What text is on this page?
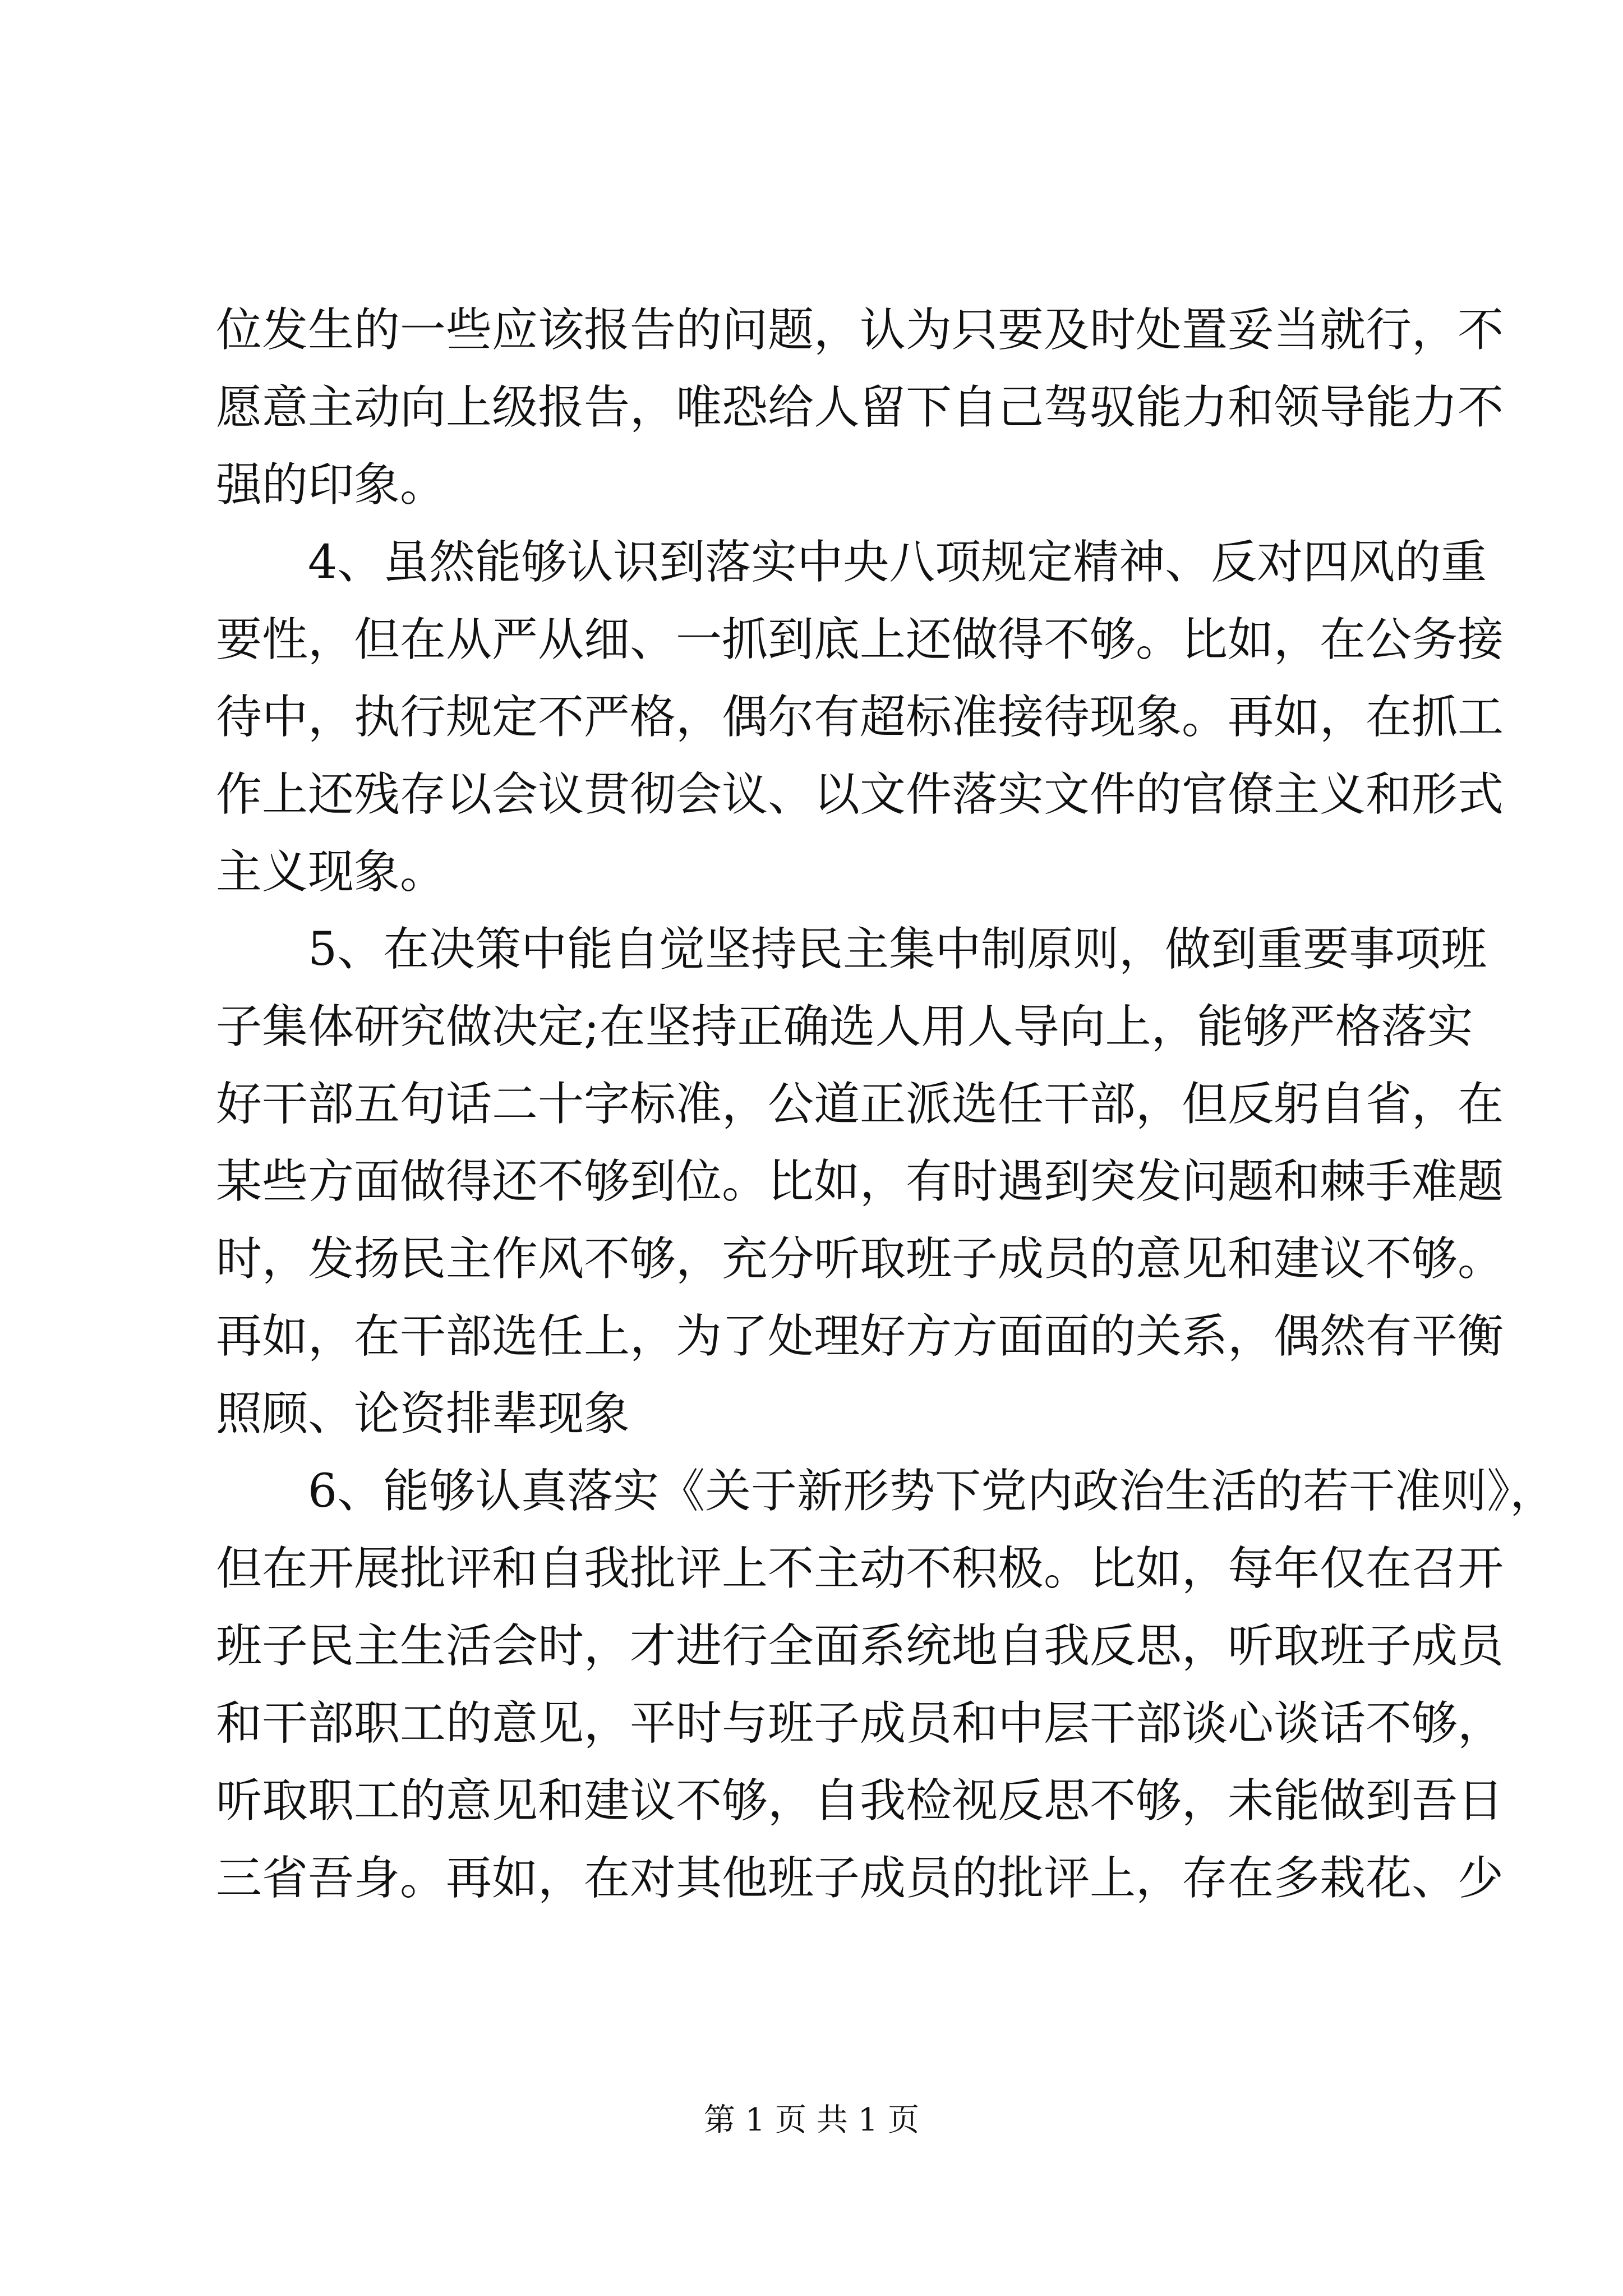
位发生的一些应该报告的问题，认为只要及时处置妥当就行，不
愿意主动向上级报告，唯恐给人留下自己驾驭能力和领导能力不
强的印象。
　　4、虽然能够认识到落实中央八项规定精神、反对四风的重
要性，但在从严从细、一抓到底上还做得不够。比如，在公务接
待中，执行规定不严格，偶尔有超标准接待现象。再如，在抓工
作上还残存以会议贯彻会议、以文件落实文件的官僚主义和形式
主义现象。
　　5、在决策中能自觉坚持民主集中制原则，做到重要事项班
子集体研究做决定;在坚持正确选人用人导向上，能够严格落实
好干部五句话二十字标准，公道正派选任干部，但反躬自省，在
某些方面做得还不够到位。比如，有时遇到突发问题和棘手难题
时，发扬民主作风不够，充分听取班子成员的意见和建议不够。
再如，在干部选任上，为了处理好方方面面的关系，偶然有平衡
照顾、论资排辈现象
　　6、能够认真落实《关于新形势下党内政治生活的若干准则》，
但在开展批评和自我批评上不主动不积极。比如，每年仅在召开
班子民主生活会时，才进行全面系统地自我反思，听取班子成员
和干部职工的意见，平时与班子成员和中层干部谈心谈话不够，
听取职工的意见和建议不够，自我检视反思不够，未能做到吾日
三省吾身。再如，在对其他班子成员的批评上，存在多栽花、少
第 1 页 共 1 页
